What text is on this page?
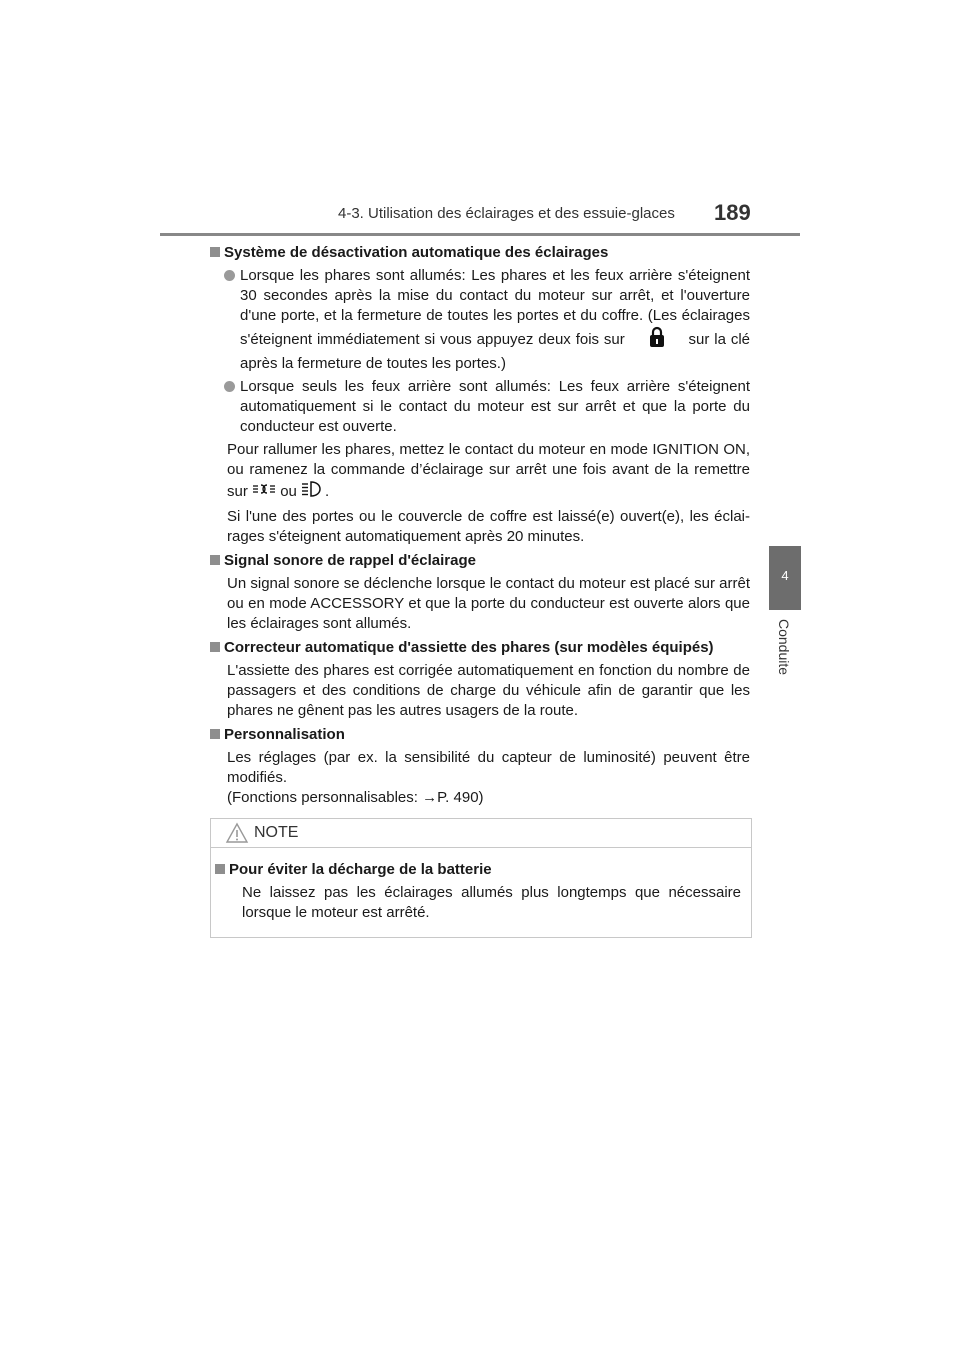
4-3. Utilisation des éclairages et des essuie-glaces 189
4
Conduite
Système de désactivation automatique des éclairages
Lorsque les phares sont allumés: Les phares et les feux arrière s'éteignent 30 secondes après la mise du contact du moteur sur arrêt, et l'ouverture d'une porte, et la fermeture de toutes les portes et du coffre. (Les éclairages s'éteignent immédiatement si vous appuyez deux fois sur	sur la clé après la fermeture de toutes les portes.)
Lorsque seuls les feux arrière sont allumés: Les feux arrière s'éteignent automatiquement si le contact du moteur est sur arrêt et que la porte du conducteur est ouverte.
Pour rallumer les phares, mettez le contact du moteur en mode IGNITION ON, ou ramenez la commande d’éclairage sur arrêt une fois avant de la remettre sur ou .
Si l'une des portes ou le couvercle de coffre est laissé(e) ouvert(e), les éclai-rages s'éteignent automatiquement après 20 minutes.
Signal sonore de rappel d'éclairage
Un signal sonore se déclenche lorsque le contact du moteur est placé sur arrêt ou en mode ACCESSORY et que la porte du conducteur est ouverte alors que les éclairages sont allumés.
Correcteur automatique d'assiette des phares (sur modèles équipés)
L'assiette des phares est corrigée automatiquement en fonction du nombre de passagers et des conditions de charge du véhicule afin de garantir que les phares ne gênent pas les autres usagers de la route.
Personnalisation
Les réglages (par ex. la sensibilité du capteur de luminosité) peuvent être modifiés.
(Fonctions personnalisables: →P. 490)
NOTE
Pour éviter la décharge de la batterie
Ne laissez pas les éclairages allumés plus longtemps que nécessaire lorsque le moteur est arrêté.
